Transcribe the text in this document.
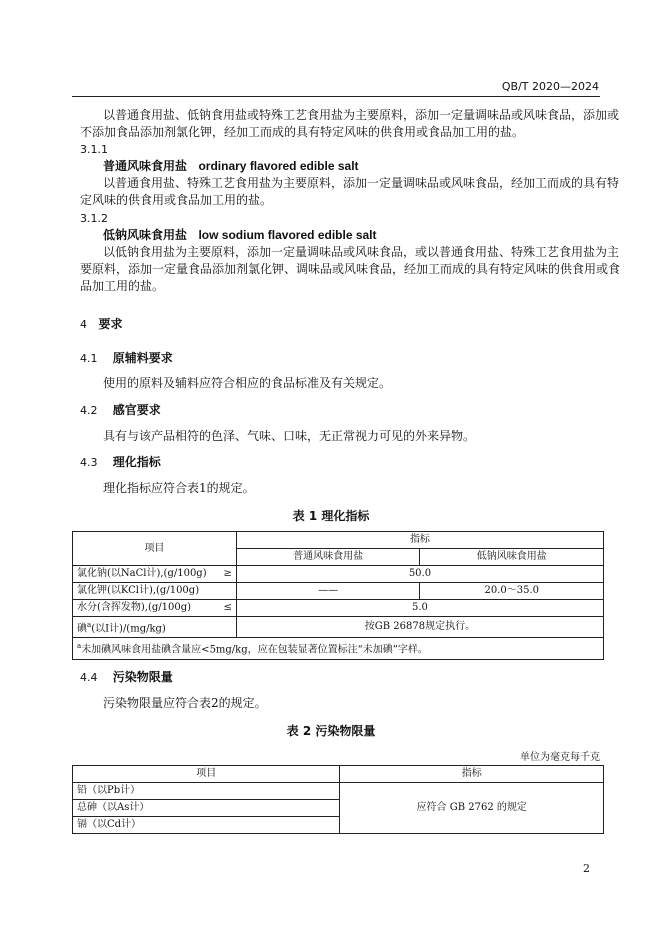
QB/T 2020—2024
以普通食用盐、低钠食用盐或特殊工艺食用盐为主要原料，添加一定量调味品或风味食品，添加或
不添加食品添加剂氯化钾，经加工而成的具有特定风味的供食用或食品加工用的盐。
3.1.1
普通风味食用盐 ordinary flavored edible salt
以普通食用盐、特殊工艺食用盐为主要原料，添加一定量调味品或风味食品，经加工而成的具有特
定风味的供食用或食品加工用的盐。
3.1.2
低钠风味食用盐 low sodium flavored edible salt
以低钠食用盐为主要原料，添加一定量调味品或风味食品，或以普通食用盐、特殊工艺食用盐为主
要原料，添加一定量食品添加剂氯化钾、调味品或风味食品，经加工而成的具有特定风味的供食用或食
品加工用的盐。
4 要求
4.1 原辅料要求
使用的原料及辅料应符合相应的食品标准及有关规定。
4.2 感官要求
具有与该产品相符的色泽、气味、口味，无正常视力可见的外来异物。
4.3 理化指标
理化指标应符合表1的规定。
表 1 理化指标
项目	指标	
	普通风味食用盐	低钠风味食用盐
氯化钠(以NaCl计),(g/100g) ≥	50.0	
氯化钾(以KCl计),(g/100g)	——	20.0～35.0
水分(含挥发物),(g/100g) ≤	5.0	
碘$^a$(以I计)/(mg/kg)	按GB 26878规定执行。	
$^a$未加碘风味食用盐碘含量应<5mg/kg，应在包装显著位置标注“未加碘”字样。		
4.4 污染物限量
污染物限量应符合表2的规定。
表 2 污染物限量
单位为毫克每千克
项目	指标
铅（以Pb计）	应符合 GB 2762 的规定
总砷（以As计）	
镉（以Cd计）	
2
